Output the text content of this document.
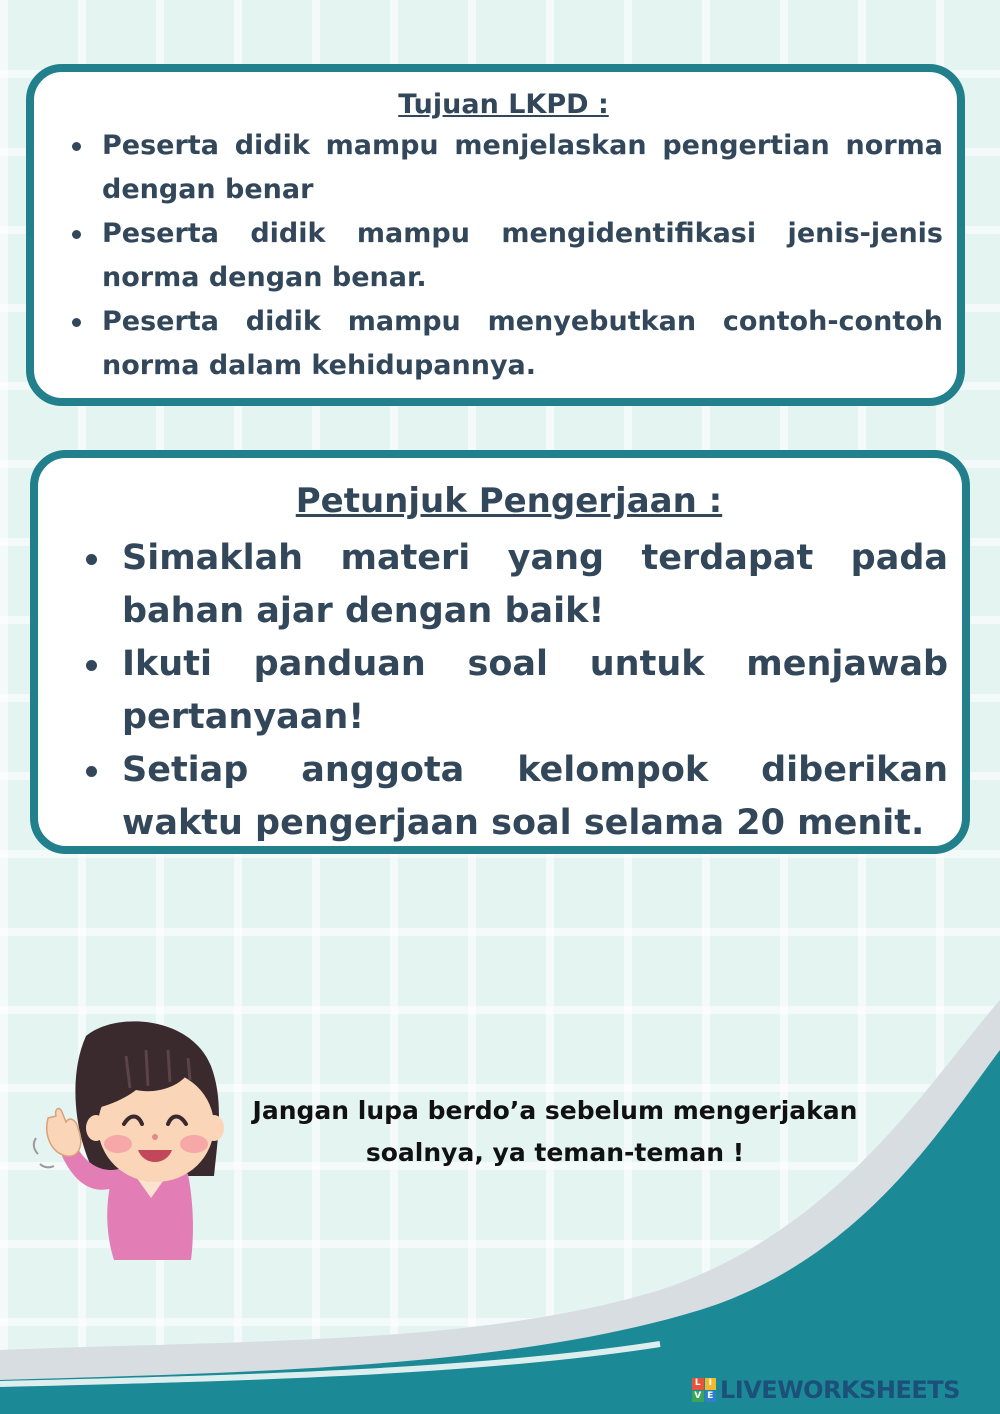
Tujuan LKPD :
Peserta didik mampu menjelaskan pengertian norma dengan benar
Peserta didik mampu mengidentifikasi jenis-jenis norma dengan benar.
Peserta didik mampu menyebutkan contoh-contoh norma dalam kehidupannya.
Petunjuk Pengerjaan :
Simaklah materi yang terdapat pada bahan ajar dengan baik!
Ikuti panduan soal untuk menjawab pertanyaan!
Setiap anggota kelompok diberikan waktu pengerjaan soal selama 20 menit.

Jangan lupa berdo’a sebelum mengerjakan
soalnya, ya teman-teman !

L I
V E LIVEWORKSHEETS
